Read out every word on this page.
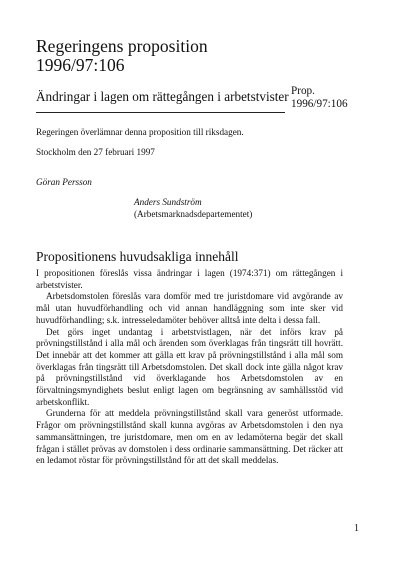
Regeringens proposition
1996/97:106
Ändringar i lagen om rättegången i arbetstvister Prop.
1996/97:106
Regeringen överlämnar denna proposition till riksdagen.
Stockholm den 27 februari 1997
Göran Persson
Anders Sundström
(Arbetsmarknadsdepartementet)
Propositionens huvudsakliga innehåll

I propositionen föreslås vissa ändringar i lagen (1974:371) om rättegången i arbetstvister.

Arbetsdomstolen föreslås vara domför med tre juristdomare vid avgörande av mål utan huvudförhandling och vid annan handläggning som inte sker vid huvudförhandling; s.k. intresseledamöter behöver alltså inte delta i dessa fall.

Det görs inget undantag i arbetstvistlagen, när det införs krav på prövningstillstånd i alla mål och ärenden som överklagas från tingsrätt till hovrätt. Det innebär att det kommer att gälla ett krav på prövningstillstånd i alla mål som överklagas från tingsrätt till Arbetsdomstolen. Det skall dock inte gälla något krav på prövningstillstånd vid överklagande hos Arbetsdomstolen av en förvaltningsmyndighets beslut enligt lagen om begränsning av samhällsstöd vid arbetskonflikt.

Grunderna för att meddela prövningstillstånd skall vara generöst utformade. Frågor om prövningstillstånd skall kunna avgöras av Arbetsdomstolen i den nya sammansättningen, tre juristdomare, men om en av ledamöterna begär det skall frågan i stället prövas av domstolen i dess ordinarie sammansättning. Det räcker att en ledamot röstar för prövningstillstånd för att det skall meddelas.

1
